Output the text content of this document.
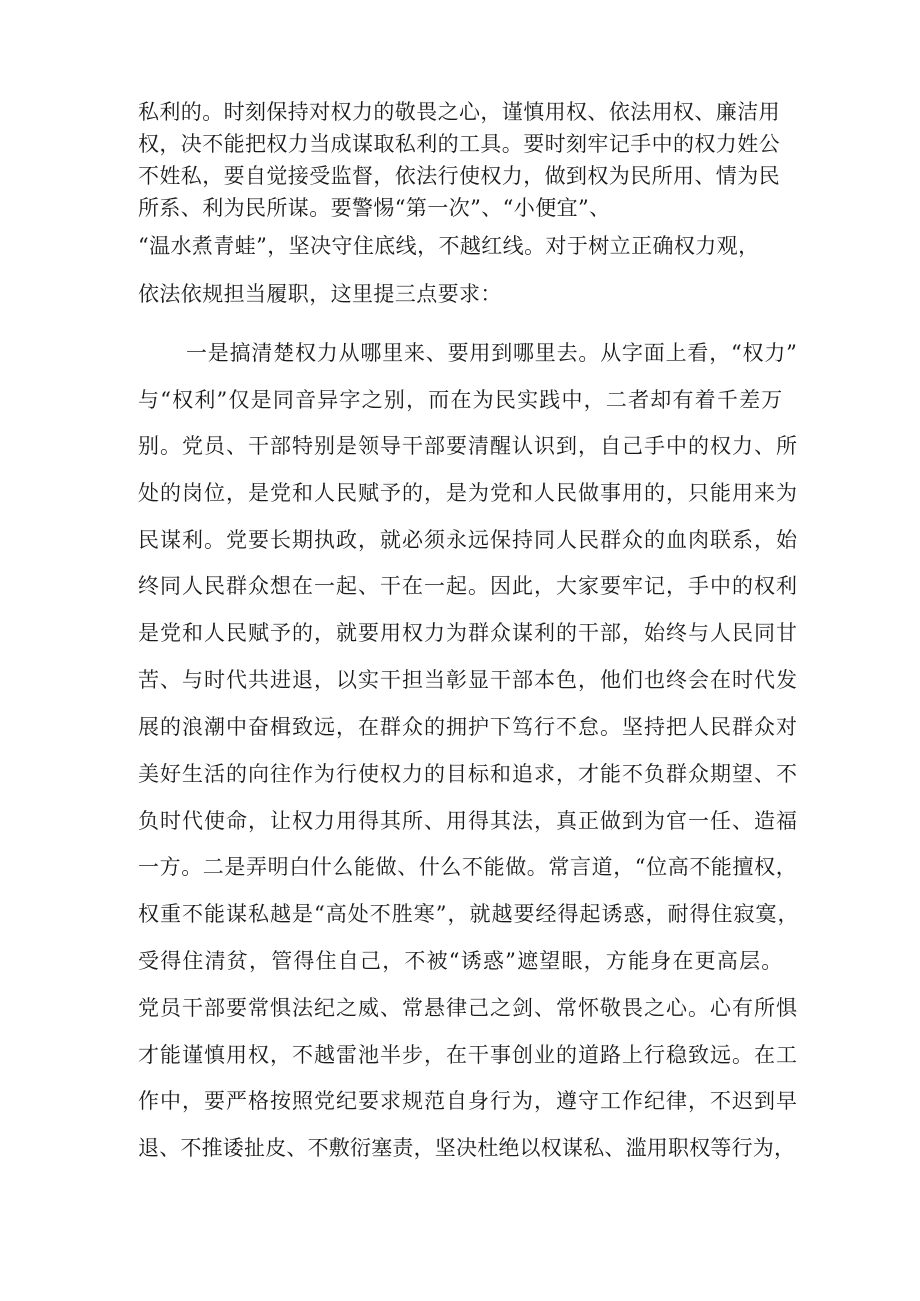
私利的。时刻保持对权力的敬畏之心，谨慎用权、依法用权、廉洁用
权，决不能把权力当成谋取私利的工具。要时刻牢记手中的权力姓公
不姓私，要自觉接受监督，依法行使权力，做到权为民所用、情为民
所系、利为民所谋。要警惕“第一次”、“小便宜”、
“温水煮青蛙”，坚决守住底线，不越红线。对于树立正确权力观，
依法依规担当履职，这里提三点要求：
一是搞清楚权力从哪里来、要用到哪里去。从字面上看，“权力”
与“权利”仅是同音异字之别，而在为民实践中，二者却有着千差万
别。党员、干部特别是领导干部要清醒认识到，自己手中的权力、所
处的岗位，是党和人民赋予的，是为党和人民做事用的，只能用来为
民谋利。党要长期执政，就必须永远保持同人民群众的血肉联系，始
终同人民群众想在一起、干在一起。因此，大家要牢记，手中的权利
是党和人民赋予的，就要用权力为群众谋利的干部，始终与人民同甘
苦、与时代共进退，以实干担当彰显干部本色，他们也终会在时代发
展的浪潮中奋楫致远，在群众的拥护下笃行不怠。坚持把人民群众对
美好生活的向往作为行使权力的目标和追求，才能不负群众期望、不
负时代使命，让权力用得其所、用得其法，真正做到为官一任、造福
一方。二是弄明白什么能做、什么不能做。常言道，“位高不能擅权，
权重不能谋私越是“高处不胜寒”，就越要经得起诱惑，耐得住寂寞，
受得住清贫，管得住自己，不被“诱惑”遮望眼，方能身在更高层。
党员干部要常惧法纪之威、常悬律己之剑、常怀敬畏之心。心有所惧
才能谨慎用权，不越雷池半步，在干事创业的道路上行稳致远。在工
作中，要严格按照党纪要求规范自身行为，遵守工作纪律，不迟到早
退、不推诿扯皮、不敷衍塞责，坚决杜绝以权谋私、滥用职权等行为，
